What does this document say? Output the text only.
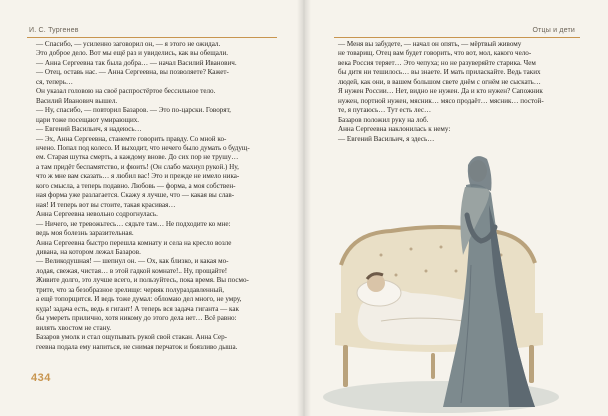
И. С. Тургенев

— Спасибо, — усиленно заговорил он, — я этого не ожидал.

Это доброе дело. Вот мы ещё раз и увиделись, как вы обещали.

— Анна Сергеевна так была добра… — начал Василий Иванович.

— Отец, оставь нас. — Анна Сергеевна, вы позволяете? Кажет-

ся, теперь…

Он указал головою на своё распростёртое бессильное тело.

Василий Иванович вышел.

— Ну, спасибо, — повторил Базаров. — Это по-царски. Говорят,

цари тоже посещают умирающих.

— Евгений Васильич, я надеюсь…

— Эх, Анна Сергеевна, станемте говорить правду. Со мной ко-

нчено. Попал под колесо. И выходит, что нечего было думать о будущ-

ем. Старая шутка смерть, а каждому внове. До сих пор не трушу…

а там придёт беспамятство, и фюить! (Он слабо махнул рукой.) Ну,

что ж мне вам сказать… я любил вас! Это и прежде не имело ника-

кого смысла, а теперь подавно. Любовь — форма, а моя собствен-

ная форма уже разлагается. Скажу я лучше, что — какая вы слав-

ная! И теперь вот вы стоите, такая красивая…

Анна Сергеевна невольно содрогнулась.

— Ничего, не тревожьтесь… сядьте там… Не подходите ко мне:

ведь моя болезнь заразительная.

Анна Сергеевна быстро перешла комнату и села на кресло возле

дивана, на котором лежал Базаров.

— Великодушная! — шепнул он. — Ох, как близко, и какая мо-

лодая, свежая, чистая… в этой гадкой комнате!.. Ну, прощайте!

Живите долго, это лучше всего, и пользуйтесь, пока время. Вы посмо-

трите, что за безобразное зрелище: червяк полураздавленный,

а ещё топорщится. И ведь тоже думал: обломаю дел много, не умру,

куда! задача есть, ведь я гигант! А теперь вся задача гиганта — как

бы умереть прилично, хотя никому до этого дела нет… Всё равно:

вилять хвостом не стану.

Базаров умолк и стал ощупывать рукой свой стакан. Анна Сер-

геевна подала ему напиться, не снимая перчаток и боязливо дыша.

434
Отцы и дети

— Меня вы забудете, — начал он опять, — мёртвый живому

не товарищ. Отец вам будет говорить, что вот, мол, какого чело-

века Россия теряет… Это чепуха; но не разуверяйте старика. Чем

бы дитя ни тешилось… вы знаете. И мать приласкайте. Ведь таких

людей, как они, в вашем большом свете днём с огнём не сыскать…

Я нужен России… Нет, видно не нужен. Да и кто нужен? Сапожник

нужен, портной нужен, мясник… мясо продаёт… мясник… постой-

те, я путаюсь… Тут есть лес…

Базаров положил руку на лоб.

Анна Сергеевна наклонилась к нему:

— Евгений Васильич, я здесь…
